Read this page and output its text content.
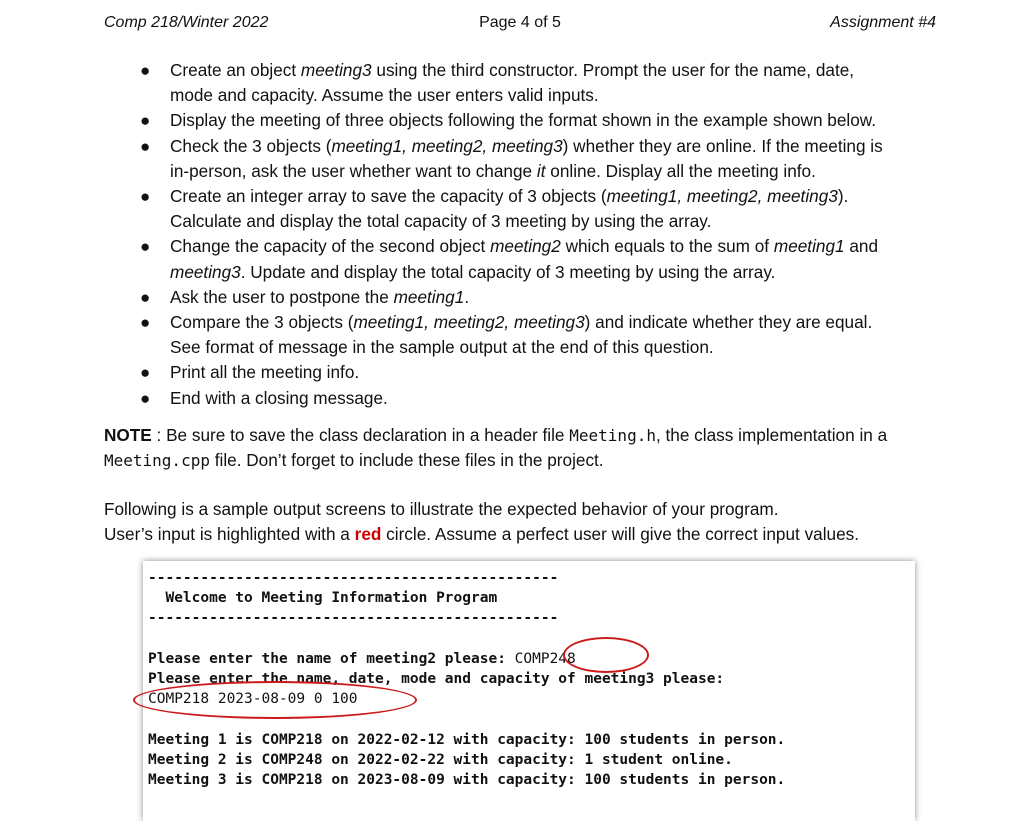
Comp 218/Winter 2022	Page 4 of 5	Assignment #4
● Create an object meeting3 using the third constructor. Prompt the user for the name, date,
mode and capacity. Assume the user enters valid inputs.
● Display the meeting of three objects following the format shown in the example shown below.
● Check the 3 objects (meeting1, meeting2, meeting3) whether they are online. If the meeting is
in-person, ask the user whether want to change it online. Display all the meeting info.
● Create an integer array to save the capacity of 3 objects (meeting1, meeting2, meeting3).
Calculate and display the total capacity of 3 meeting by using the array.
● Change the capacity of the second object meeting2 which equals to the sum of meeting1 and
meeting3. Update and display the total capacity of 3 meeting by using the array.
● Ask the user to postpone the meeting1.
● Compare the 3 objects (meeting1, meeting2, meeting3) and indicate whether they are equal.
See format of message in the sample output at the end of this question.
● Print all the meeting info.
● End with a closing message.
NOTE : Be sure to save the class declaration in a header file Meeting.h, the class implementation in a
Meeting.cpp file. Don’t forget to include these files in the project.
Following is a sample output screens to illustrate the expected behavior of your program.
User’s input is highlighted with a red circle. Assume a perfect user will give the correct input values.
-----------------------------------------------
Welcome to Meeting Information Program
-----------------------------------------------
Please enter the name of meeting2 please: COMP248
Please enter the name, date, mode and capacity of meeting3 please:
COMP218 2023-08-09 0 100
Meeting 1 is COMP218 on 2022-02-12 with capacity: 100 students in person.
Meeting 2 is COMP248 on 2022-02-22 with capacity: 1 student online.
Meeting 3 is COMP218 on 2023-08-09 with capacity: 100 students in person.
